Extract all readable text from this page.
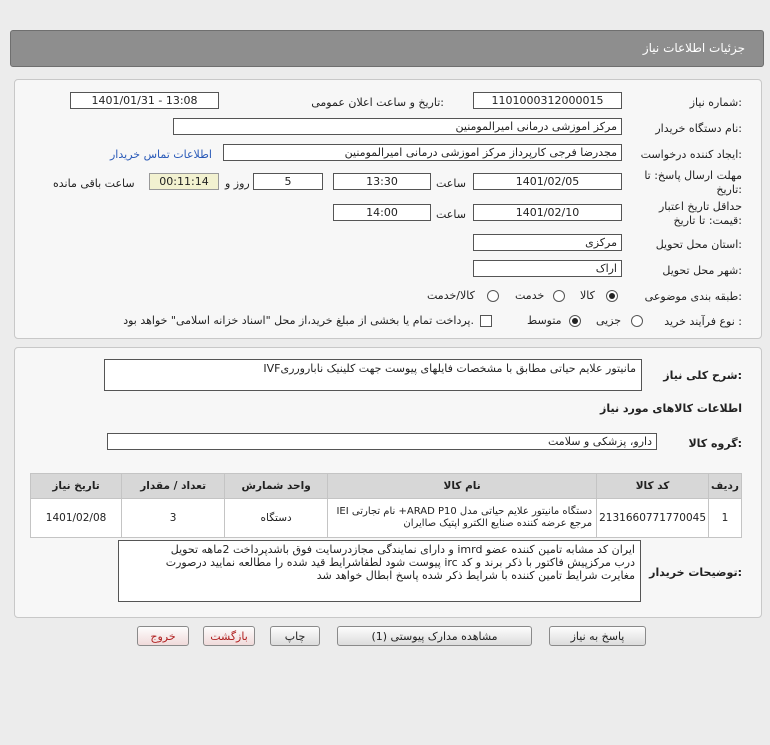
جزئیات اطلاعات نیاز
شماره نیاز:
1101000312000015
تاریخ و ساعت اعلان عمومی:
1401/01/31 - 13:08
نام دستگاه خریدار:
مرکز اموزشی درمانی امیرالمومنین
ایجاد کننده درخواست:
مجدرضا فرجی کارپرداز مرکز اموزشی درمانی امیرالمومنین
اطلاعات تماس خریدار
مهلت ارسال پاسخ: تا
تاریخ:
1401/02/05
ساعت
13:30
5
روز و
00:11:14
ساعت باقی مانده
حداقل تاریخ اعتبار
قیمت: تا تاریخ:
1401/02/10
ساعت
14:00
استان محل تحویل:
مرکزی
شهر محل تحویل:
اراک
طبقه بندی موضوعی:
کالا
خدمت
کالا/خدمت
نوع فرآیند خرید :
جزیی
متوسط
پرداخت تمام یا بخشی از مبلغ خرید،از محل "اسناد خزانه اسلامی" خواهد بود.
شرح کلی نیاز:
مانیتور علایم حیاتی مطابق با مشخصات فایلهای پیوست جهت کلینیک نابارورریIVF
اطلاعات کالاهای مورد نیاز
گروه کالا:
دارو، پزشکی و سلامت
ردیف	کد کالا	نام کالا	واحد شمارش	تعداد / مقدار	تاریخ نیاز
1	2131660771770045	دستگاه مانیتور علایم حیاتی مدل ARAD P10+ نام تجارتی IEI
مرجع عرضه کننده صنایع الکترو اپتیک صاایران	دستگاه	3	1401/02/08
توضیحات خریدار:
ایران کد مشابه تامین کننده عضو imrd و دارای نمایندگی مجازدرسایت فوق باشدپرداخت 2ماهه تحویل
درب مرکزپیش فاکتور با ذکر برند و کد irc پیوست شود لطفاشرایط قید شده را مطالعه نمایید درصورت
مغایرت شرایط تامین کننده با شرایط ذکر شده پاسخ ابطال خواهد شد
پاسخ به نیاز
مشاهده مدارک پیوستی (1)
چاپ
بازگشت
خروج
